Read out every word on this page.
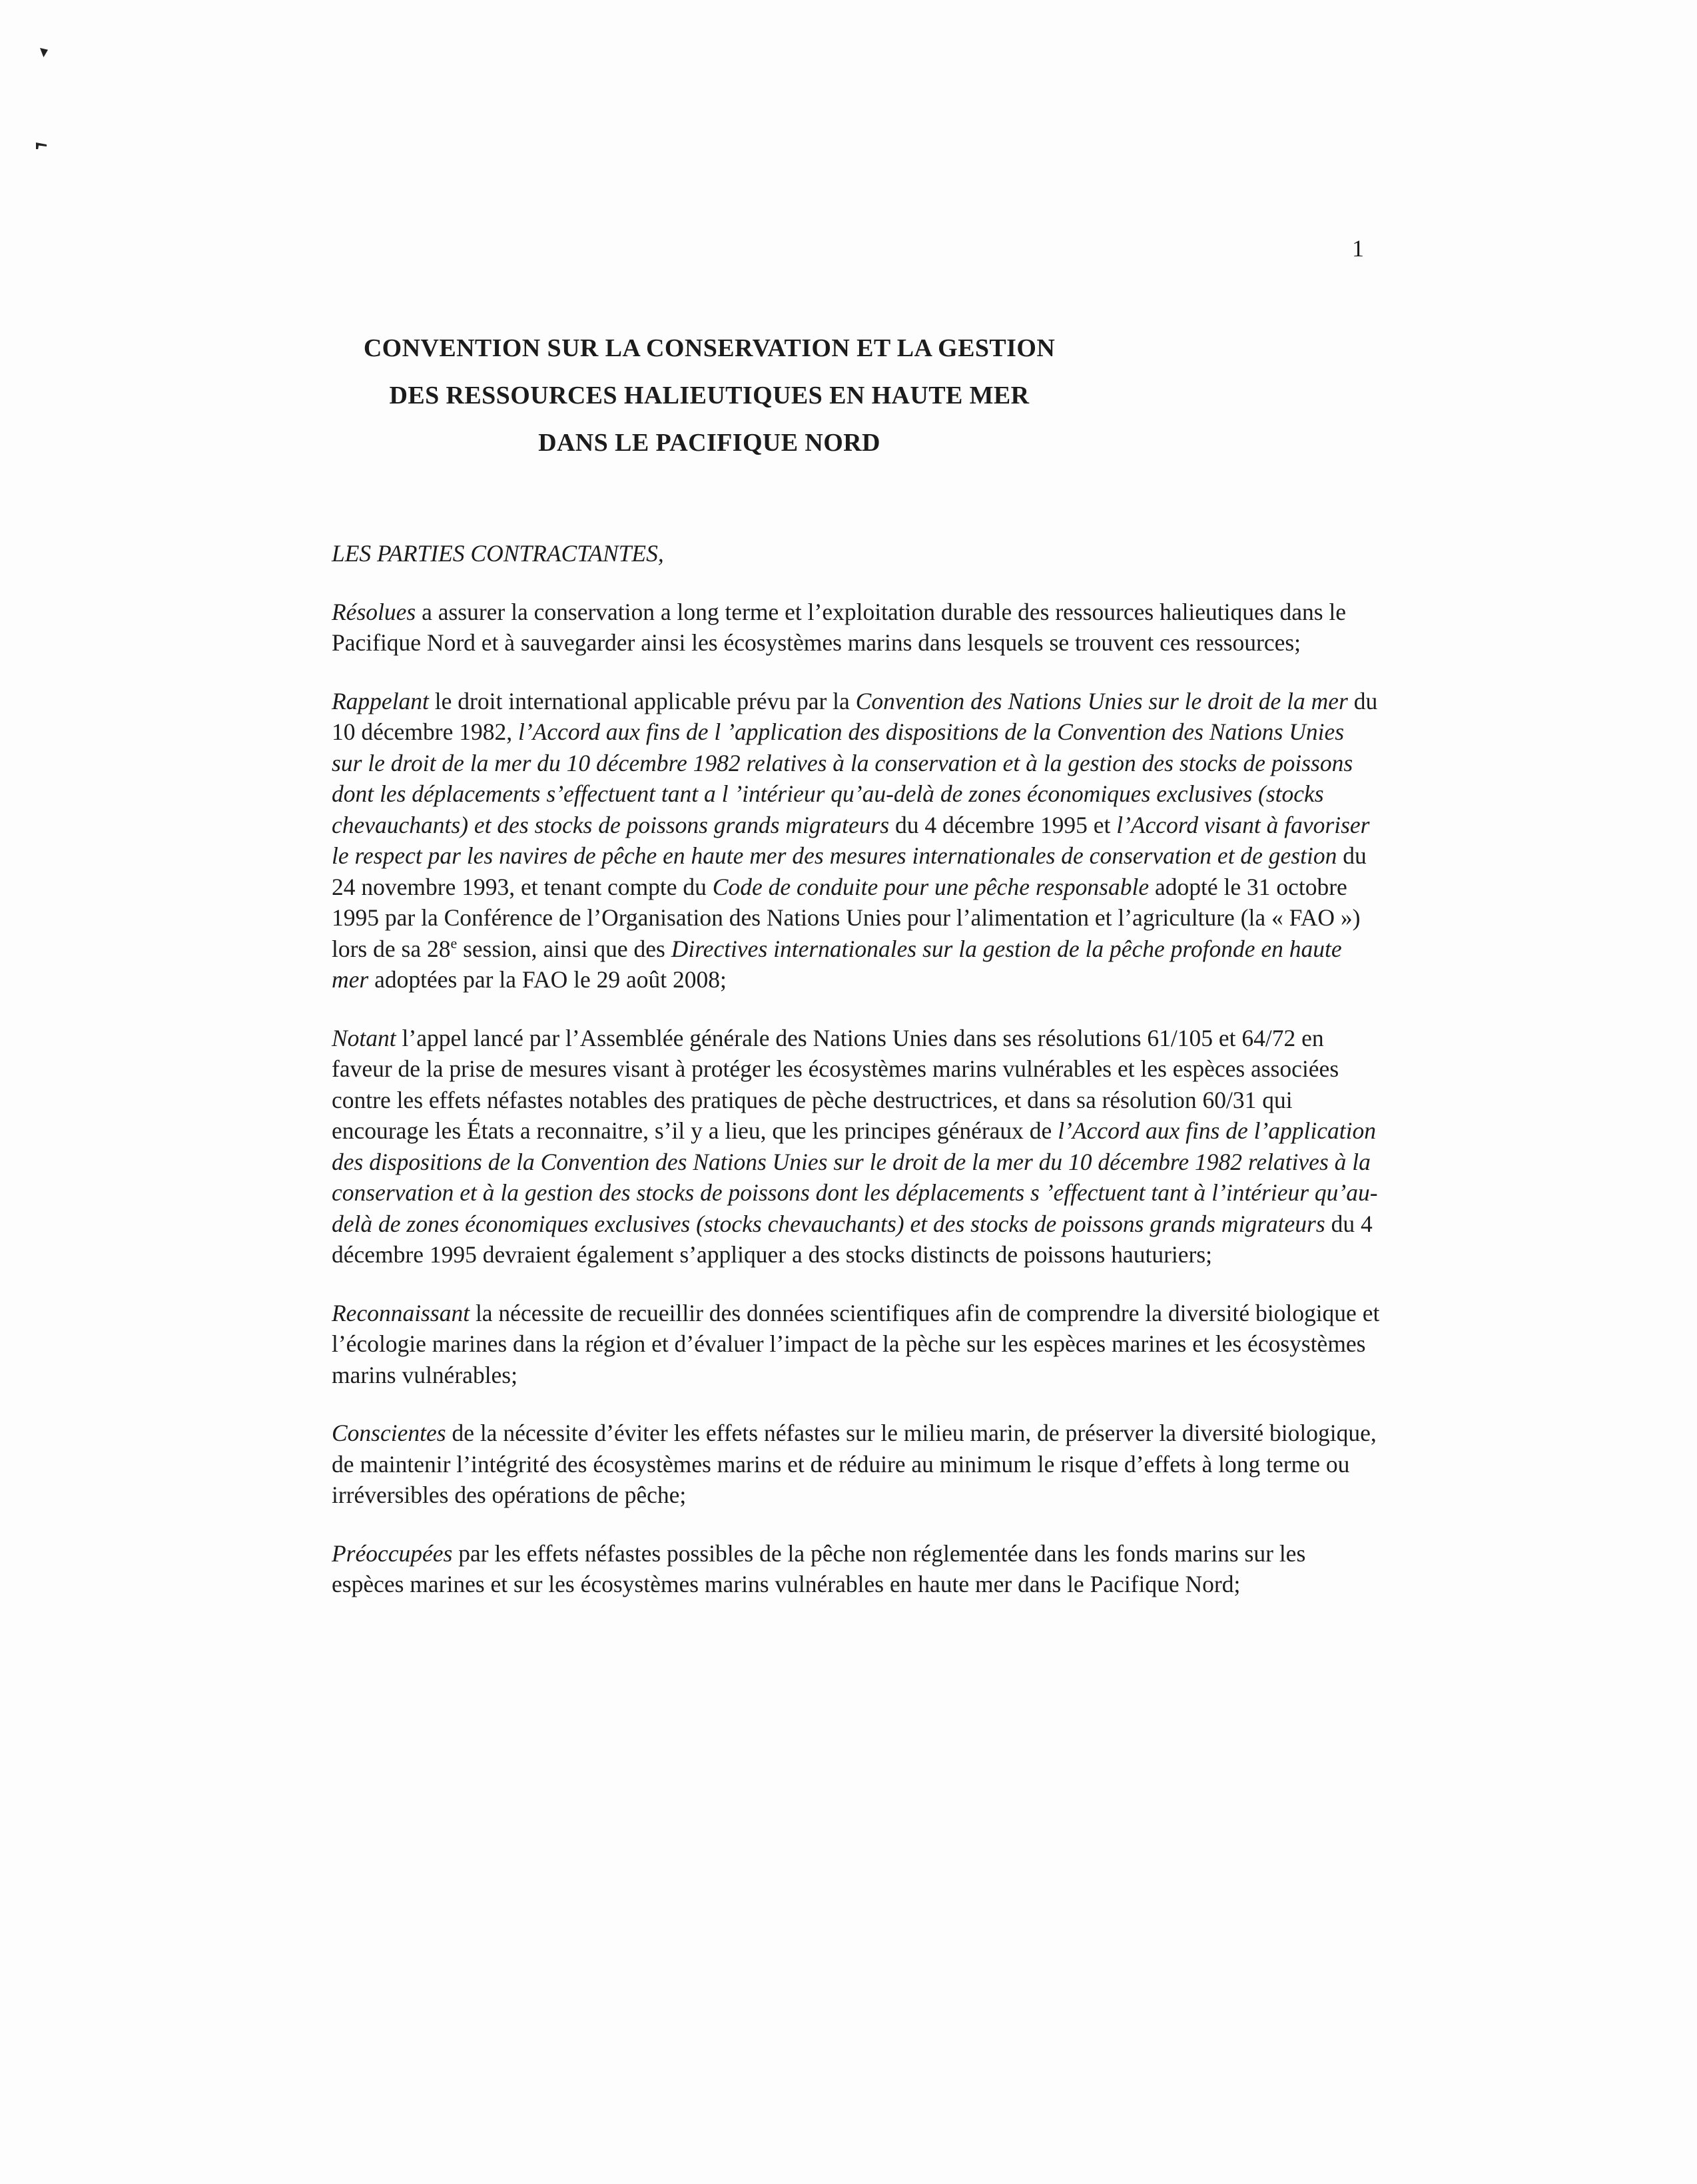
1
CONVENTION SUR LA CONSERVATION ET LA GESTION
DES RESSOURCES HALIEUTIQUES EN HAUTE MER
DANS LE PACIFIQUE NORD

LES PARTIES CONTRACTANTES,

Résolues a assurer la conservation a long terme et l’exploitation durable des ressources halieutiques dans le Pacifique Nord et à sauvegarder ainsi les écosystèmes marins dans lesquels se trouvent ces ressources;

Rappelant le droit international applicable prévu par la Convention des Nations Unies sur le droit de la mer du 10 décembre 1982, l’Accord aux fins de l ’application des dispositions de la Convention des Nations Unies sur le droit de la mer du 10 décembre 1982 relatives à la conservation et à la gestion des stocks de poissons dont les déplacements s’effectuent tant a l ’intérieur qu’au-delà de zones économiques exclusives (stocks chevauchants) et des stocks de poissons grands migrateurs du 4 décembre 1995 et l’Accord visant à favoriser le respect par les navires de pêche en haute mer des mesures internationales de conservation et de gestion du 24 novembre 1993, et tenant compte du Code de conduite pour une pêche responsable adopté le 31 octobre 1995 par la Conférence de l’Organisation des Nations Unies pour l’alimentation et l’agriculture (la « FAO ») lors de sa 28e session, ainsi que des Directives internationales sur la gestion de la pêche profonde en haute mer adoptées par la FAO le 29 août 2008;

Notant l’appel lancé par l’Assemblée générale des Nations Unies dans ses résolutions 61/105 et 64/72 en faveur de la prise de mesures visant à protéger les écosystèmes marins vulnérables et les espèces associées contre les effets néfastes notables des pratiques de pèche destructrices, et dans sa résolution 60/31 qui encourage les États a reconnaitre, s’il y a lieu, que les principes généraux de l’Accord aux fins de l’application des dispositions de la Convention des Nations Unies sur le droit de la mer du 10 décembre 1982 relatives à la conservation et à la gestion des stocks de poissons dont les déplacements s ’effectuent tant à l’intérieur qu’au-delà de zones économiques exclusives (stocks chevauchants) et des stocks de poissons grands migrateurs du 4 décembre 1995 devraient également s’appliquer a des stocks distincts de poissons hauturiers;

Reconnaissant la nécessite de recueillir des données scientifiques afin de comprendre la diversité biologique et l’écologie marines dans la région et d’évaluer l’impact de la pèche sur les espèces marines et les écosystèmes marins vulnérables;

Conscientes de la nécessite d’éviter les effets néfastes sur le milieu marin, de préserver la diversité biologique, de maintenir l’intégrité des écosystèmes marins et de réduire au minimum le risque d’effets à long terme ou irréversibles des opérations de pêche;

Préoccupées par les effets néfastes possibles de la pêche non réglementée dans les fonds marins sur les espèces marines et sur les écosystèmes marins vulnérables en haute mer dans le Pacifique Nord;
